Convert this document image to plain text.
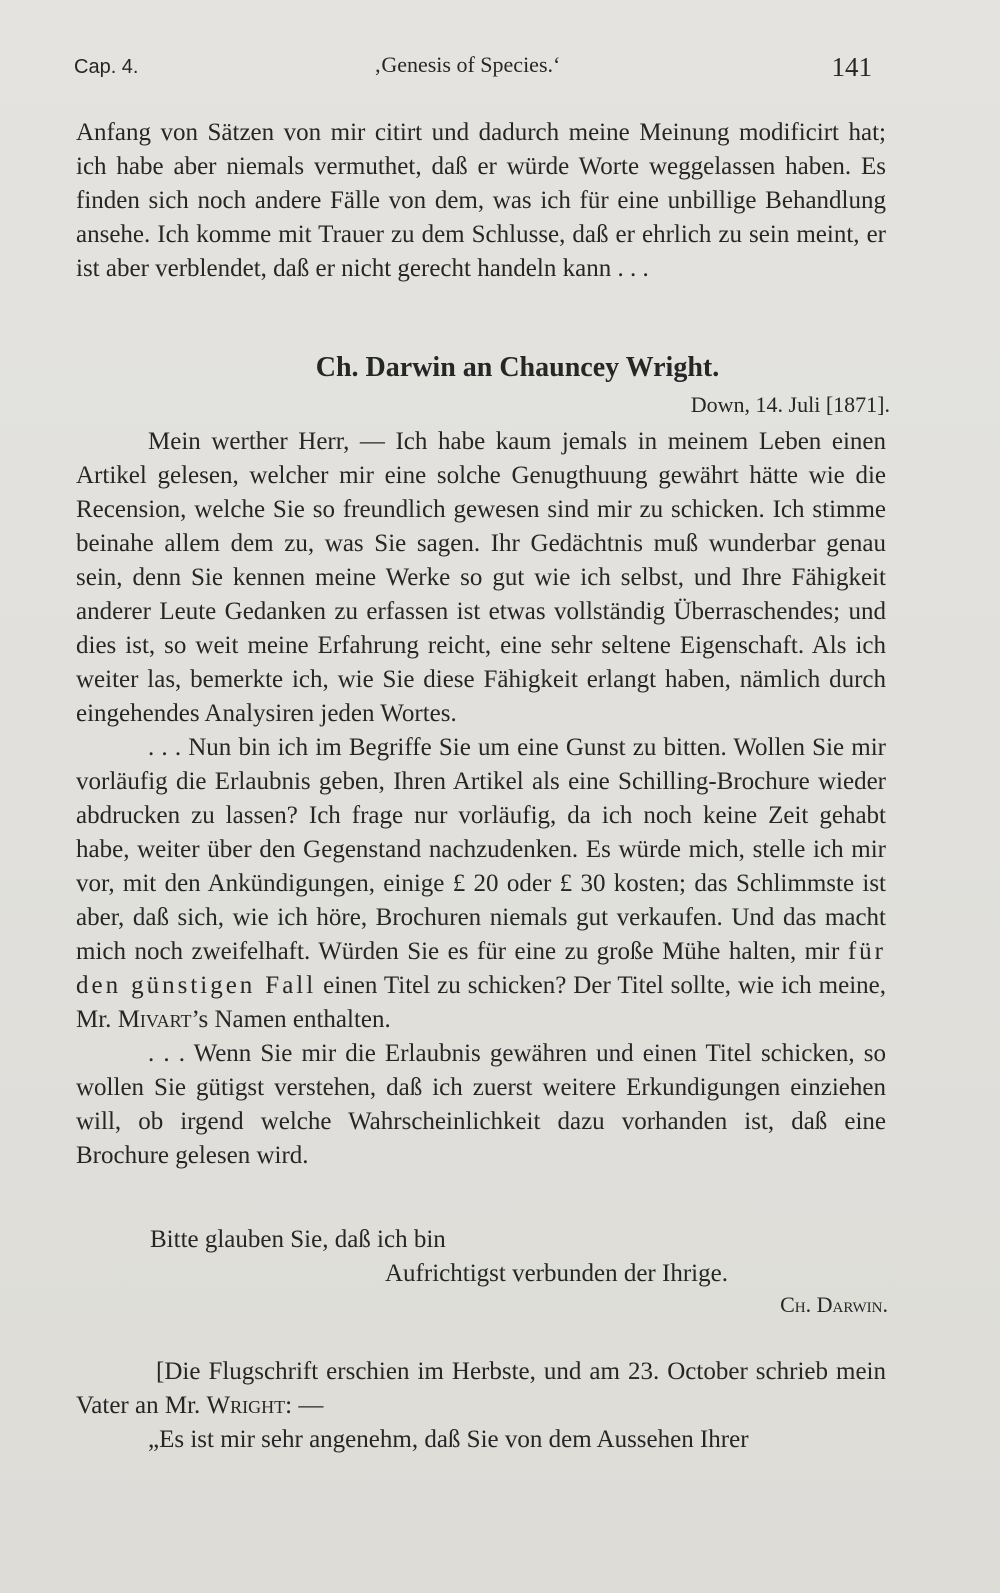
Cap. 4.	‚Genesis of Species.‘	141

Anfang von Sätzen von mir citirt und dadurch meine Meinung modificirt hat; ich habe aber niemals vermuthet, daß er würde Worte weggelassen haben. Es finden sich noch andere Fälle von dem, was ich für eine unbillige Behandlung ansehe. Ich komme mit Trauer zu dem Schlusse, daß er ehrlich zu sein meint, er ist aber verblendet, daß er nicht gerecht handeln kann . . .

Ch. Darwin an Chauncey Wright.
Down, 14. Juli [1871].

Mein werther Herr, — Ich habe kaum jemals in meinem Leben einen Artikel gelesen, welcher mir eine solche Genugthuung gewährt hätte wie die Recension, welche Sie so freundlich gewesen sind mir zu schicken. Ich stimme beinahe allem dem zu, was Sie sagen. Ihr Gedächtnis muß wunderbar genau sein, denn Sie kennen meine Werke so gut wie ich selbst, und Ihre Fähigkeit anderer Leute Gedanken zu erfassen ist etwas vollständig Überraschendes; und dies ist, so weit meine Erfahrung reicht, eine sehr seltene Eigenschaft. Als ich weiter las, bemerkte ich, wie Sie diese Fähigkeit erlangt haben, nämlich durch eingehendes Analysiren jeden Wortes.

. . . Nun bin ich im Begriffe Sie um eine Gunst zu bitten. Wollen Sie mir vorläufig die Erlaubnis geben, Ihren Artikel als eine Schilling-Brochure wieder abdrucken zu lassen? Ich frage nur vorläufig, da ich noch keine Zeit gehabt habe, weiter über den Gegenstand nachzudenken. Es würde mich, stelle ich mir vor, mit den Ankündigungen, einige £ 20 oder £ 30 kosten; das Schlimmste ist aber, daß sich, wie ich höre, Brochuren niemals gut verkaufen. Und das macht mich noch zweifelhaft. Würden Sie es für eine zu große Mühe halten, mir für den günstigen Fall einen Titel zu schicken? Der Titel sollte, wie ich meine, Mr. Mivart’s Namen enthalten.

. . . Wenn Sie mir die Erlaubnis gewähren und einen Titel schicken, so wollen Sie gütigst verstehen, daß ich zuerst weitere Erkundigungen einziehen will, ob irgend welche Wahrscheinlichkeit dazu vorhanden ist, daß eine Brochure gelesen wird.

Bitte glauben Sie, daß ich bin
Aufrichtigst verbunden der Ihrige.
Ch. Darwin.

[Die Flugschrift erschien im Herbste, und am 23. October schrieb mein Vater an Mr. Wright: —

„Es ist mir sehr angenehm, daß Sie von dem Aussehen Ihrer
